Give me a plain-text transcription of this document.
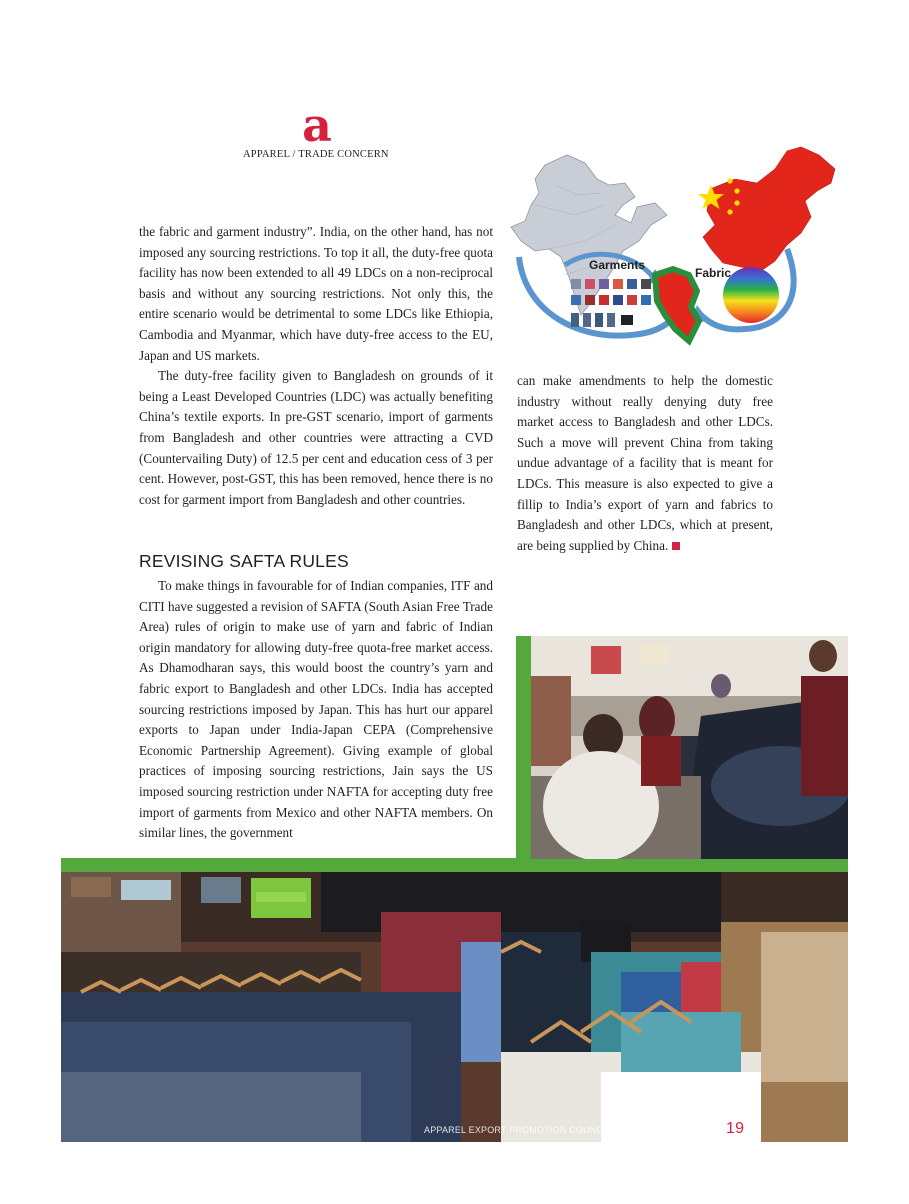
a
APPAREL / TRADE CONCERN
Garments
Fabric

the fabric and garment industry”. India, on the other hand, has not imposed any sourcing restrictions. To top it all, the duty-free quota facility has now been extended to all 49 LDCs on a non-reciprocal basis and without any sourcing restrictions. Not only this, the entire scenario would be detrimental to some LDCs like Ethiopia, Cambodia and Myanmar, which have duty-free access to the EU, Japan and US markets.

The duty-free facility given to Bangladesh on grounds of it being a Least Developed Countries (LDC) was actually benefiting China’s textile exports. In pre-GST scenario, import of garments from Bangladesh and other countries were attracting a CVD (Countervailing Duty) of 12.5 per cent and education cess of 3 per cent. However, post-GST, this has been removed, hence there is no cost for garment import from Bangladesh and other countries.

REVISING SAFTA RULES

To make things in favourable for of Indian companies, ITF and CITI have suggested a revision of SAFTA (South Asian Free Trade Area) rules of origin to make use of yarn and fabric of Indian origin mandatory for allowing duty-free quota-free market access. As Dhamodharan says, this would boost the country’s yarn and fabric export to Bangladesh and other LDCs. India has accepted sourcing restrictions imposed by Japan. This has hurt our apparel exports to Japan under India-Japan CEPA (Comprehensive Economic Partnership Agreement). Giving example of global practices of imposing sourcing restrictions, Jain says the US imposed sourcing restriction under NAFTA for accepting duty free import of garments from Mexico and other NAFTA members. On similar lines, the government

can make amendments to help the domestic industry without really denying duty free market access to Bangladesh and other LDCs. Such a move will prevent China from taking undue advantage of a facility that is meant for LDCs. This measure is also expected to give a fillip to India’s export of yarn and fabrics to Bangladesh and other LDCs, which at present, are being supplied by China.

APPAREL EXPORT PROMOTION COUNCIL MAGAZINE | June 2018 / 19
